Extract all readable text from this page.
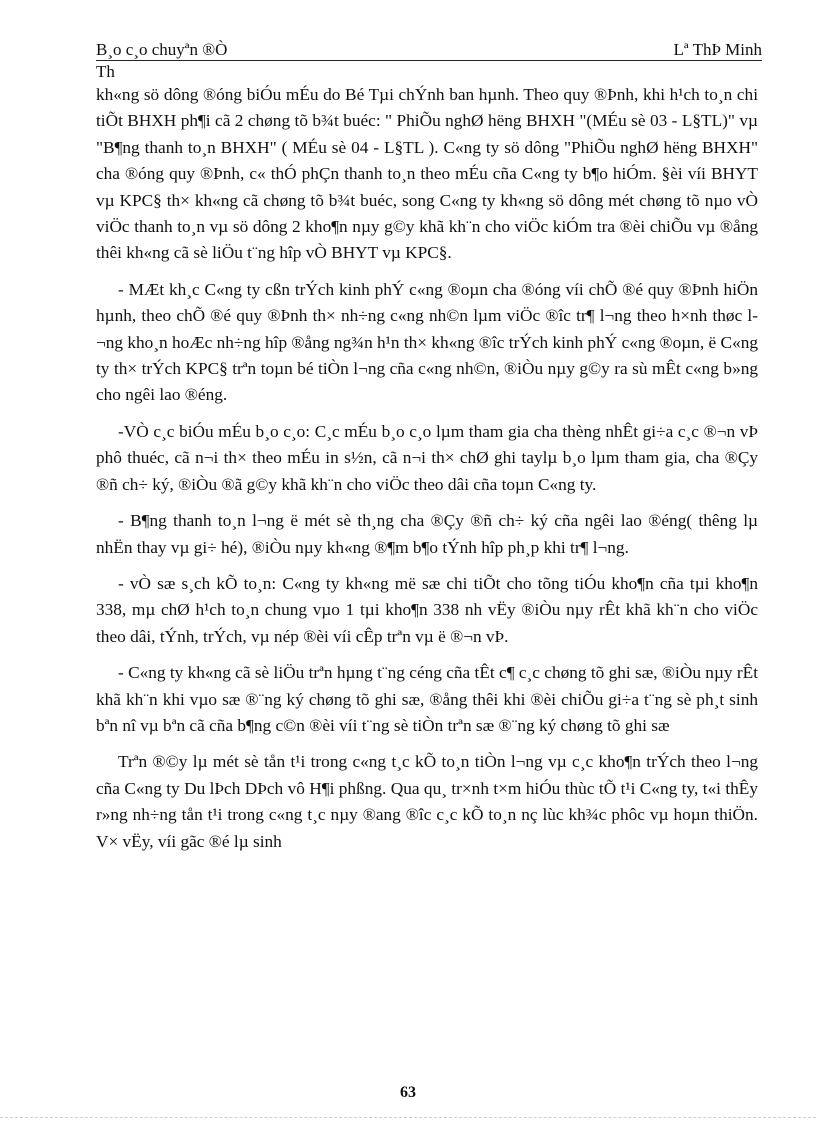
B¸o c¸o chuyªn ®Ò	Lª ThÞ Minh
Th

kh«ng sö dông ®óng biÓu mÉu do Bé Tµi chÝnh ban hµnh. Theo quy ®Þnh, khi h¹ch to¸n chi tiÕt BHXH ph¶i cã 2 chøng tõ b¾t buéc: " PhiÕu nghØ hëng BHXH "(MÉu sè 03 - L§TL)" vµ "B¶ng thanh to¸n BHXH" ( MÉu sè 04 - L§TL ). C«ng ty sö dông "PhiÕu nghØ hëng BHXH" cha ®óng quy ®Þnh, c« thÓ phÇn thanh to¸n theo mÉu cña C«ng ty b¶o hiÓm. §èi víi BHYT vµ KPC§ th× kh«ng cã chøng tõ b¾t buéc, song C«ng ty kh«ng sö dông mét chøng tõ nµo vÒ viÖc thanh to¸n vµ sö dông 2 kho¶n nµy g©y khã kh¨n cho viÖc kiÓm tra ®èi chiÕu vµ ®ång thêi kh«ng cã sè liÖu t¨ng hîp vÒ BHYT vµ KPC§.

- MÆt kh¸c C«ng ty cßn trÝch kinh phÝ c«ng ®oµn cha ®óng víi chÕ ®é quy ®Þnh hiÖn hµnh, theo chÕ ®é quy ®Þnh th× nh÷ng c«ng nh©n lµm viÖc ®îc tr¶ l¬ng theo h×nh thøc l¬ng kho¸n hoÆc nh÷ng hîp ®ång ng¾n h¹n th× kh«ng ®îc trÝch kinh phÝ c«ng ®oµn, ë C«ng ty th× trÝch KPC§ trªn toµn bé tiÒn l¬ng cña c«ng nh©n, ®iÒu nµy g©y ra sù mÊt c«ng b»ng cho ngêi lao ®éng.

-VÒ c¸c biÓu mÉu b¸o c¸o: C¸c mÉu b¸o c¸o lµm tham gia cha thèng nhÊt gi÷a c¸c ®¬n vÞ phô thuéc, cã n¬i th× theo mÉu in s½n, cã n¬i th× chØ ghi taylµ b¸o lµm tham gia, cha ®Çy ®ñ ch÷ ký, ®iÒu ®ã g©y khã kh¨n cho viÖc theo dâi cña toµn C«ng ty.

- B¶ng thanh to¸n l¬ng ë mét sè th¸ng cha ®Çy ®ñ ch÷ ký cña ngêi lao ®éng( thêng lµ nhËn thay vµ gi÷ hé), ®iÒu nµy kh«ng ®¶m b¶o tÝnh hîp ph¸p khi tr¶ l¬ng.

- vÒ sæ s¸ch kÕ to¸n: C«ng ty kh«ng më sæ chi tiÕt cho tõng tiÓu kho¶n cña tµi kho¶n 338, mµ chØ h¹ch to¸n chung vµo 1 tµi kho¶n 338 nh vËy ®iÒu nµy rÊt khã kh¨n cho viÖc theo dâi, tÝnh, trÝch, vµ nép ®èi víi cÊp trªn vµ ë ®¬n vÞ.

- C«ng ty kh«ng cã sè liÖu trªn hµng t¨ng céng cña tÊt c¶ c¸c chøng tõ ghi sæ, ®iÒu nµy rÊt khã kh¨n khi vµo sæ ®¨ng ký chøng tõ ghi sæ, ®ång thêi khi ®èi chiÕu gi÷a t¨ng sè ph¸t sinh bªn nî vµ bªn cã cña b¶ng c©n ®èi víi t¨ng sè tiÒn trªn sæ ®¨ng ký chøng tõ ghi sæ

Trªn ®©y lµ mét sè tån t¹i trong c«ng t¸c kÕ to¸n tiÒn l¬ng vµ c¸c kho¶n trÝch theo l¬ng cña C«ng ty Du lÞch DÞch vô H¶i phßng. Qua qu¸ tr×nh t×m hiÓu thùc tÕ t¹i C«ng ty, t«i thÊy r»ng nh÷ng tån t¹i trong c«ng t¸c nµy ®ang ®îc c¸c kÕ to¸n nç lùc kh¾c phôc vµ hoµn thiÖn. V× vËy, víi gãc ®é lµ sinh

63
